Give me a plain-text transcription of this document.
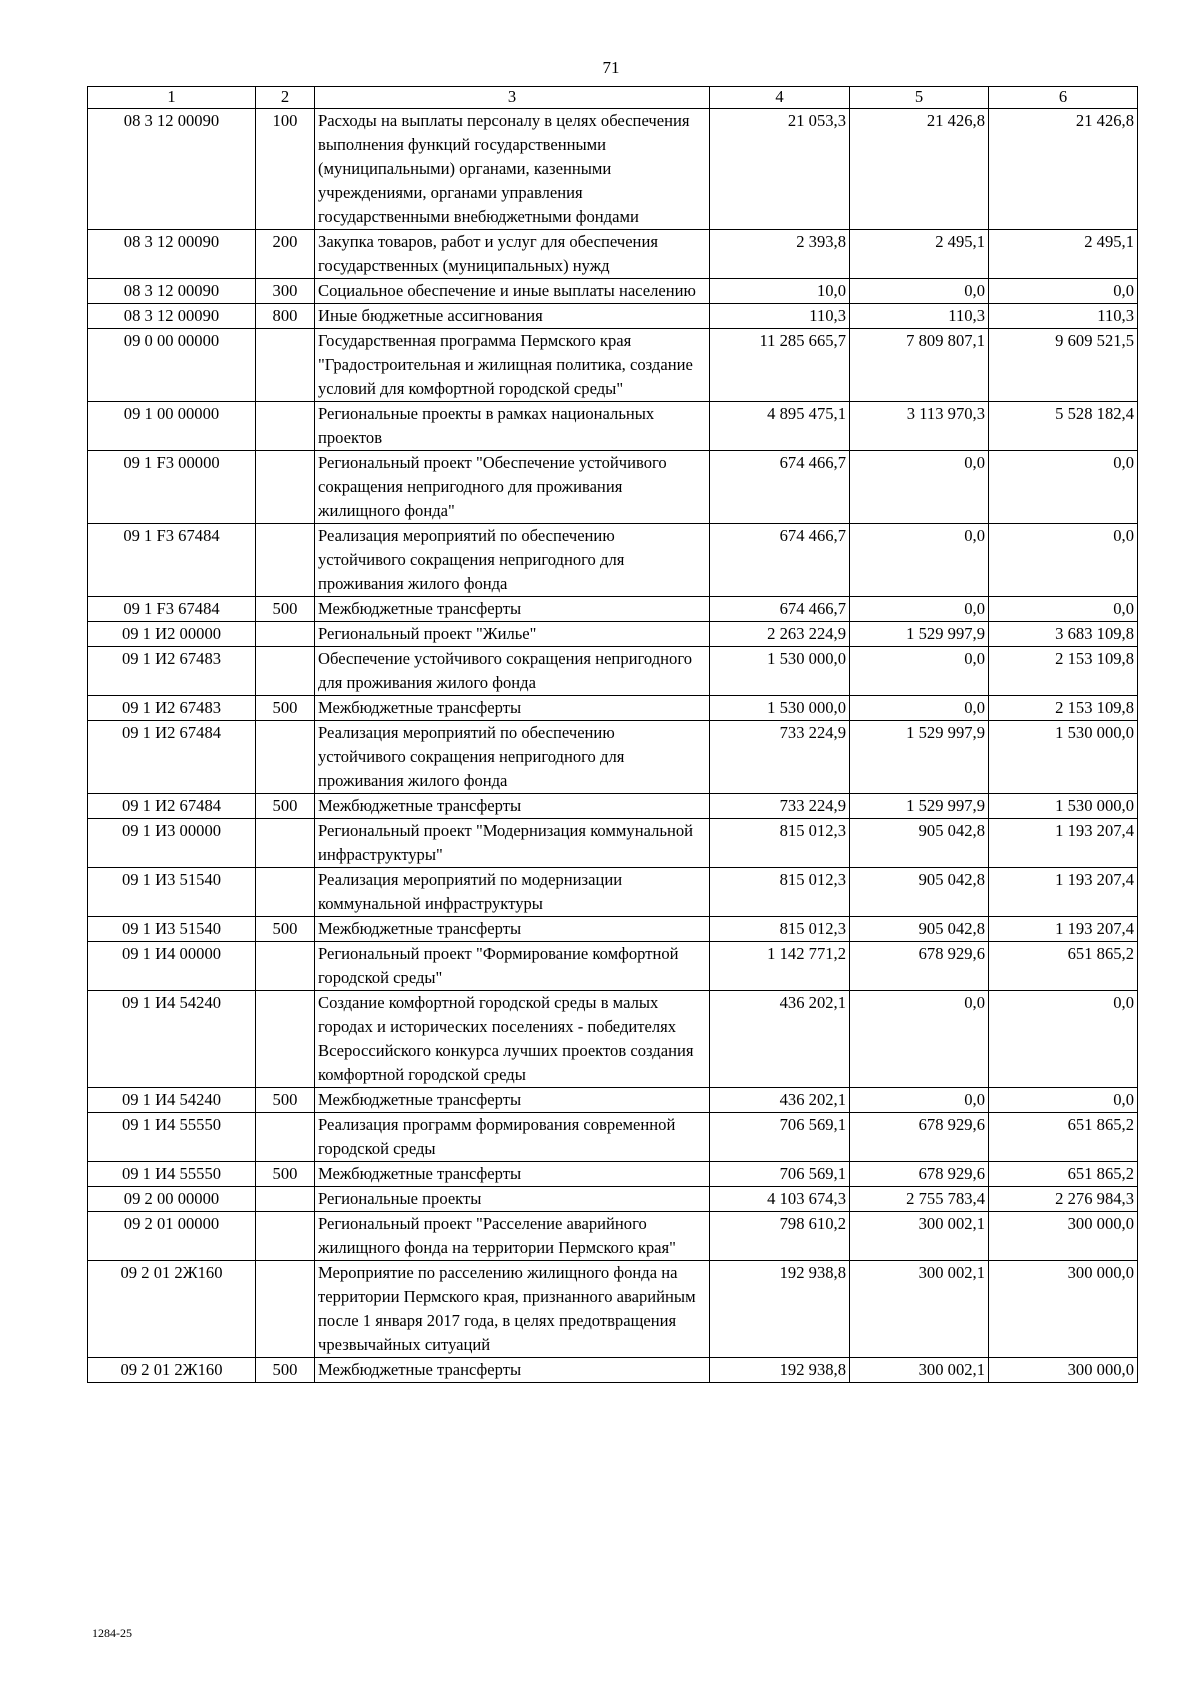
71
1	2	3	4	5	6
08 3 12 00090	100	Расходы на выплаты персоналу в целях обеспечения выполнения функций государственными (муниципальными) органами, казенными учреждениями, органами управления государственными внебюджетными фондами	21 053,3	21 426,8	21 426,8
08 3 12 00090	200	Закупка товаров, работ и услуг для обеспечения государственных (муниципальных) нужд	2 393,8	2 495,1	2 495,1
08 3 12 00090	300	Социальное обеспечение и иные выплаты населению	10,0	0,0	0,0
08 3 12 00090	800	Иные бюджетные ассигнования	110,3	110,3	110,3
09 0 00 00000		Государственная программа Пермского края "Градостроительная и жилищная политика, создание условий для комфортной городской среды"	11 285 665,7	7 809 807,1	9 609 521,5
09 1 00 00000		Региональные проекты в рамках национальных проектов	4 895 475,1	3 113 970,3	5 528 182,4
09 1 F3 00000		Региональный проект "Обеспечение устойчивого сокращения непригодного для проживания жилищного фонда"	674 466,7	0,0	0,0
09 1 F3 67484		Реализация мероприятий по обеспечению устойчивого сокращения непригодного для проживания жилого фонда	674 466,7	0,0	0,0
09 1 F3 67484	500	Межбюджетные трансферты	674 466,7	0,0	0,0
09 1 И2 00000		Региональный проект "Жилье"	2 263 224,9	1 529 997,9	3 683 109,8
09 1 И2 67483		Обеспечение устойчивого сокращения непригодного для проживания жилого фонда	1 530 000,0	0,0	2 153 109,8
09 1 И2 67483	500	Межбюджетные трансферты	1 530 000,0	0,0	2 153 109,8
09 1 И2 67484		Реализация мероприятий по обеспечению устойчивого сокращения непригодного для проживания жилого фонда	733 224,9	1 529 997,9	1 530 000,0
09 1 И2 67484	500	Межбюджетные трансферты	733 224,9	1 529 997,9	1 530 000,0
09 1 И3 00000		Региональный проект "Модернизация коммунальной инфраструктуры"	815 012,3	905 042,8	1 193 207,4
09 1 И3 51540		Реализация мероприятий по модернизации коммунальной инфраструктуры	815 012,3	905 042,8	1 193 207,4
09 1 И3 51540	500	Межбюджетные трансферты	815 012,3	905 042,8	1 193 207,4
09 1 И4 00000		Региональный проект "Формирование комфортной городской среды"	1 142 771,2	678 929,6	651 865,2
09 1 И4 54240		Создание комфортной городской среды в малых городах и исторических поселениях - победителях Всероссийского конкурса лучших проектов создания комфортной городской среды	436 202,1	0,0	0,0
09 1 И4 54240	500	Межбюджетные трансферты	436 202,1	0,0	0,0
09 1 И4 55550		Реализация программ формирования современной городской среды	706 569,1	678 929,6	651 865,2
09 1 И4 55550	500	Межбюджетные трансферты	706 569,1	678 929,6	651 865,2
09 2 00 00000		Региональные проекты	4 103 674,3	2 755 783,4	2 276 984,3
09 2 01 00000		Региональный проект "Расселение аварийного жилищного фонда на территории Пермского края"	798 610,2	300 002,1	300 000,0
09 2 01 2Ж160		Мероприятие по расселению жилищного фонда на территории Пермского края, признанного аварийным после 1 января 2017 года, в целях предотвращения чрезвычайных ситуаций	192 938,8	300 002,1	300 000,0
09 2 01 2Ж160	500	Межбюджетные трансферты	192 938,8	300 002,1	300 000,0
1284-25
